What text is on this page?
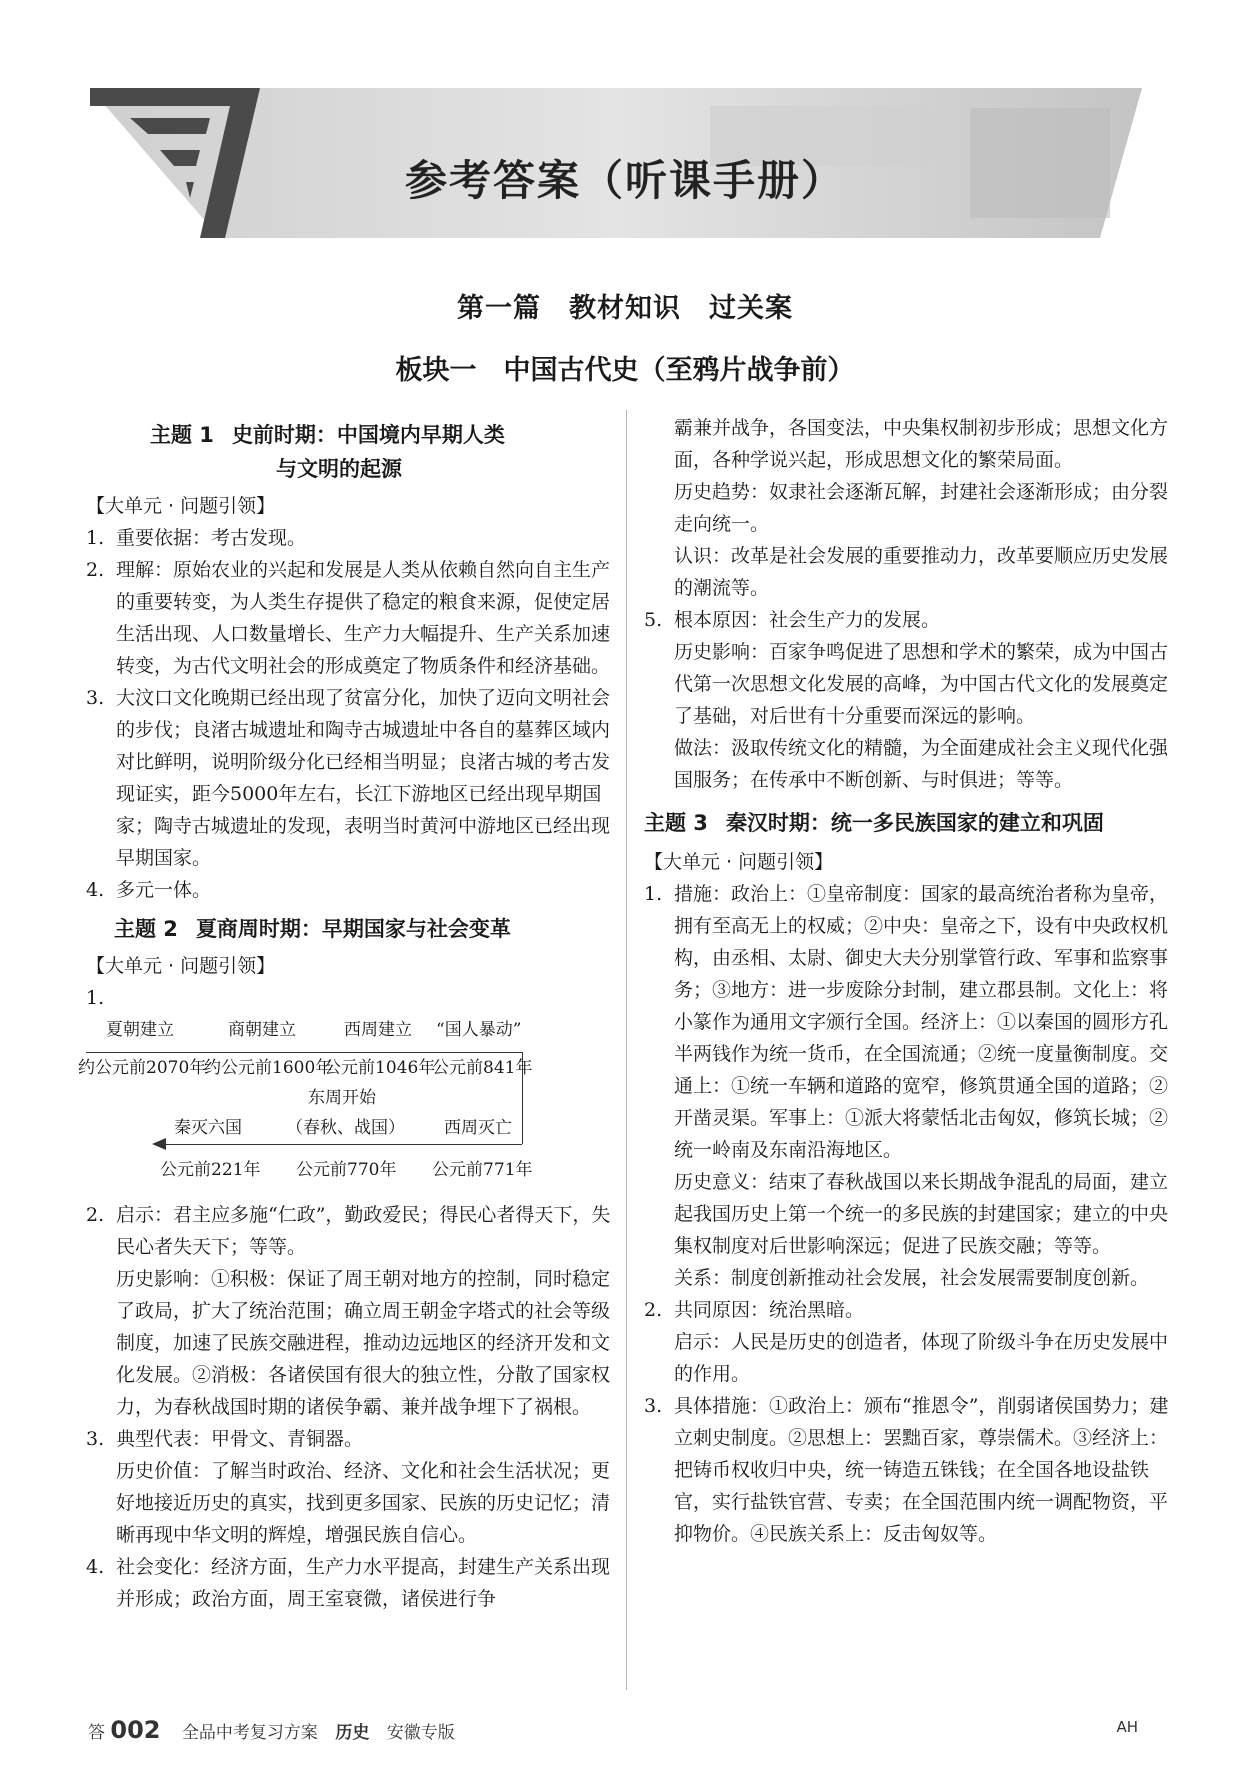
参考答案（听课手册）
第一篇　教材知识　过关案
板块一　中国古代史（至鸦片战争前）
主题 1 史前时期：中国境内早期人类
与文明的起源
【大单元 · 问题引领】
1. 重要依据：考古发现。
2. 理解：原始农业的兴起和发展是人类从依赖自然向自主生产的重要转变，为人类生存提供了稳定的粮食来源，促使定居生活出现、人口数量增长、生产力大幅提升、生产关系加速转变，为古代文明社会的形成奠定了物质条件和经济基础。
3. 大汶口文化晚期已经出现了贫富分化，加快了迈向文明社会的步伐；良渚古城遗址和陶寺古城遗址中各自的墓葬区域内对比鲜明，说明阶级分化已经相当明显；良渚古城的考古发现证实，距今5000年左右，长江下游地区已经出现早期国家；陶寺古城遗址的发现，表明当时黄河中游地区已经出现早期国家。
4. 多元一体。
主题 2 夏商周时期：早期国家与社会变革
【大单元 · 问题引领】
1.
夏朝建立	商朝建立	西周建立 “国人暴动”
约公元前2070年
约公元前1600年
公元前1046年
公元前841年
东周开始
秦灭六国	（春秋、战国） 西周灭亡
公元前221年 公元前770年 公元前771年
2. 启示：君主应多施“仁政”，勤政爱民；得民心者得天下，失民心者失天下；等等。
历史影响：①积极：保证了周王朝对地方的控制，同时稳定了政局，扩大了统治范围；确立周王朝金字塔式的社会等级制度，加速了民族交融进程，推动边远地区的经济开发和文化发展。②消极：各诸侯国有很大的独立性，分散了国家权力，为春秋战国时期的诸侯争霸、兼并战争埋下了祸根。
3. 典型代表：甲骨文、青铜器。
历史价值：了解当时政治、经济、文化和社会生活状况；更好地接近历史的真实，找到更多国家、民族的历史记忆；清晰再现中华文明的辉煌，增强民族自信心。
4. 社会变化：经济方面，生产力水平提高，封建生产关系出现并形成；政治方面，周王室衰微，诸侯进行争
霸兼并战争，各国变法，中央集权制初步形成；思想文化方面，各种学说兴起，形成思想文化的繁荣局面。
历史趋势：奴隶社会逐渐瓦解，封建社会逐渐形成；由分裂走向统一。
认识：改革是社会发展的重要推动力，改革要顺应历史发展的潮流等。
5. 根本原因：社会生产力的发展。
历史影响：百家争鸣促进了思想和学术的繁荣，成为中国古代第一次思想文化发展的高峰，为中国古代文化的发展奠定了基础，对后世有十分重要而深远的影响。
做法：汲取传统文化的精髓，为全面建成社会主义现代化强国服务；在传承中不断创新、与时俱进；等等。
主题 3 秦汉时期：统一多民族国家的建立和巩固
【大单元 · 问题引领】
1. 措施：政治上：①皇帝制度：国家的最高统治者称为皇帝，拥有至高无上的权威；②中央：皇帝之下，设有中央政权机构，由丞相、太尉、御史大夫分别掌管行政、军事和监察事务；③地方：进一步废除分封制，建立郡县制。文化上：将小篆作为通用文字颁行全国。经济上：①以秦国的圆形方孔半两钱作为统一货币，在全国流通；②统一度量衡制度。交通上：①统一车辆和道路的宽窄，修筑贯通全国的道路；②开凿灵渠。军事上：①派大将蒙恬北击匈奴，修筑长城；②统一岭南及东南沿海地区。
历史意义：结束了春秋战国以来长期战争混乱的局面，建立起我国历史上第一个统一的多民族的封建国家；建立的中央集权制度对后世影响深远；促进了民族交融；等等。
关系：制度创新推动社会发展，社会发展需要制度创新。
2. 共同原因：统治黑暗。
启示：人民是历史的创造者，体现了阶级斗争在历史发展中的作用。
3. 具体措施：①政治上：颁布“推恩令”，削弱诸侯国势力；建立刺史制度。②思想上：罢黜百家，尊崇儒术。③经济上：把铸币权收归中央，统一铸造五铢钱；在全国各地设盐铁官，实行盐铁官营、专卖；在全国范围内统一调配物资，平抑物价。④民族关系上：反击匈奴等。
答 002 全品中考复习方案 历史 安徽专版	AH
